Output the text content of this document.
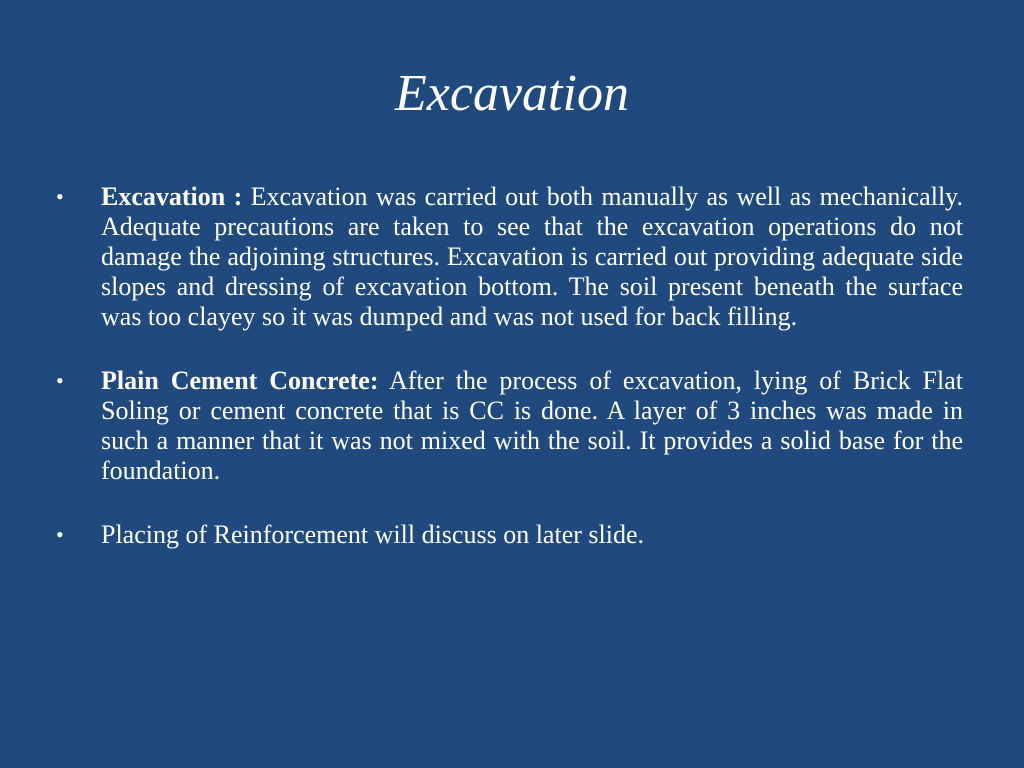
Excavation
•	Excavation : Excavation was carried out both manually as well as mechanically. Adequate precautions are taken to see that the excavation operations do not damage the adjoining structures. Excavation is carried out providing adequate side slopes and dressing of excavation bottom. The soil present beneath the surface was too clayey so it was dumped and was not used for back filling.
•	Plain Cement Concrete: After the process of excavation, lying of Brick Flat Soling or cement concrete that is CC is done. A layer of 3 inches was made in such a manner that it was not mixed with the soil. It provides a solid base for the foundation.
•	Placing of Reinforcement will discuss on later slide.
